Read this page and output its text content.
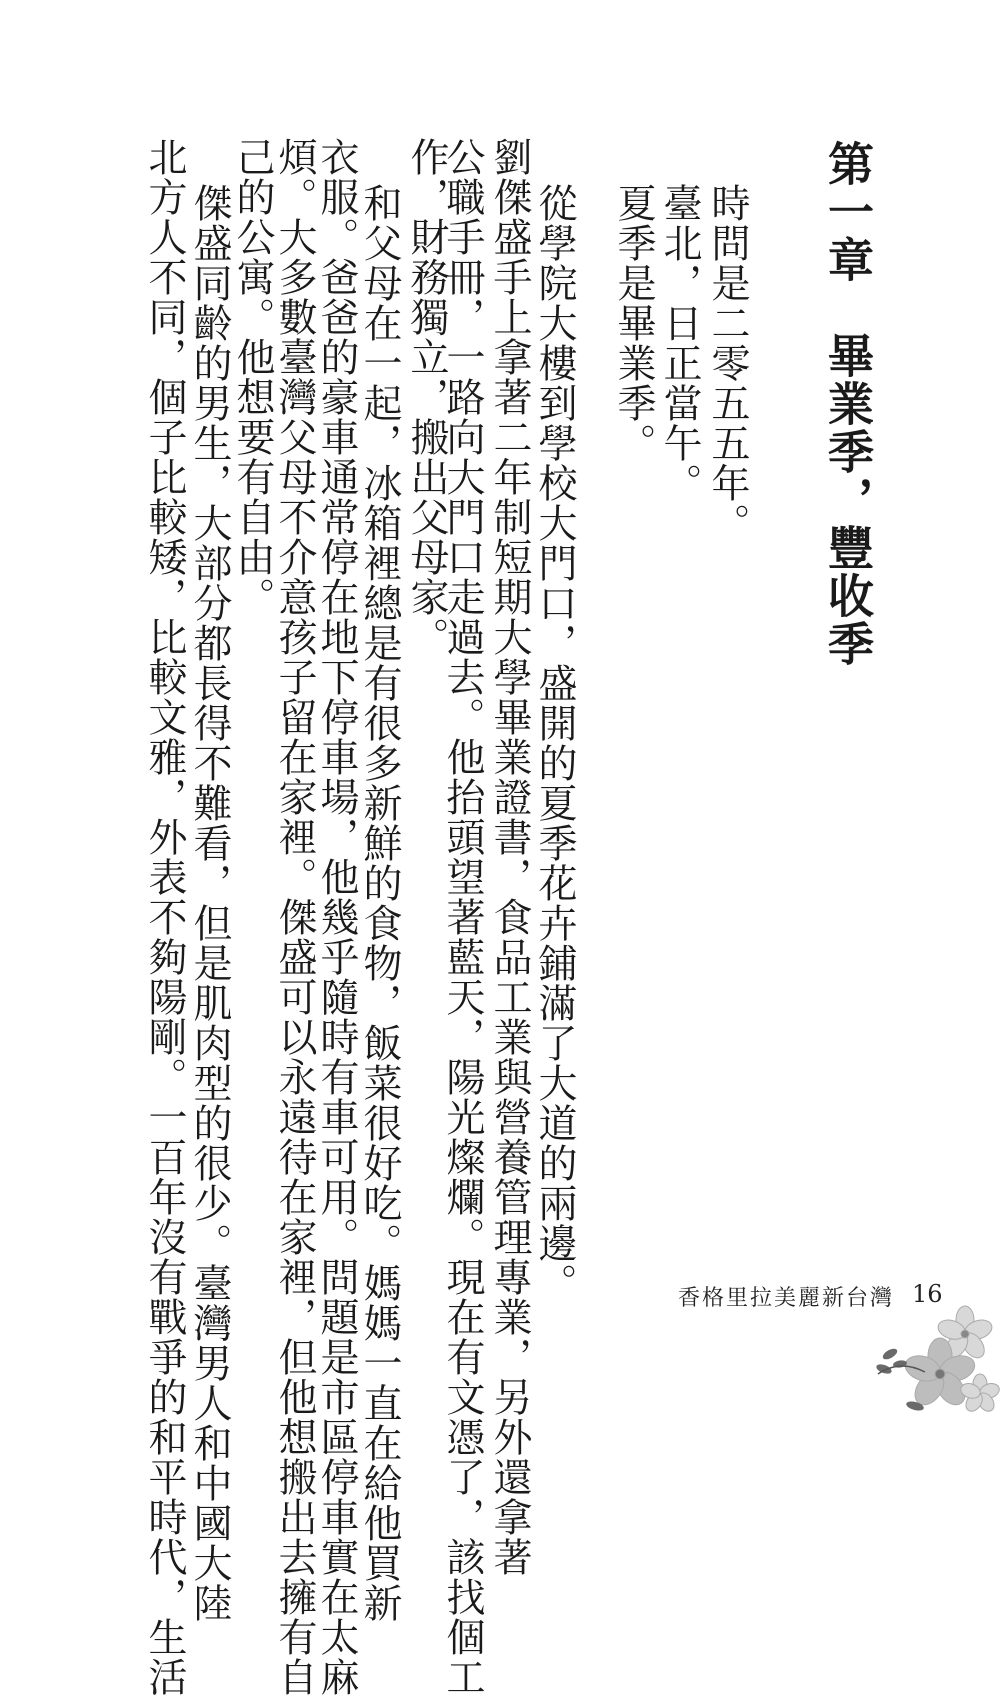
第一章　畢業季，豐收季
時問是二零五五年。
臺北，日正當午。
夏季是畢業季。
從學院大樓到學校大門口，盛開的夏季花卉鋪滿了大道的兩邊。
劉傑盛手上拿著二年制短期大學畢業證書，食品工業與營養管理專業，另外還拿著
公職手冊，一路向大門口走過去。他抬頭望著藍天，陽光燦爛。現在有文憑了，該找個工
作，財務獨立，搬出父母家。
和父母在一起，冰箱裡總是有很多新鮮的食物，飯菜很好吃。媽媽一直在給他買新
衣服。爸爸的豪車通常停在地下停車場，他幾乎隨時有車可用。問題是市區停車實在太麻
煩。大多數臺灣父母不介意孩子留在家裡。傑盛可以永遠待在家裡，但他想搬出去擁有自
己的公寓。他想要有自由。
傑盛同齡的男生，大部分都長得不難看，但是肌肉型的很少。臺灣男人和中國大陸
北方人不同，個子比較矮，比較文雅，外表不夠陽剛。一百年沒有戰爭的和平時代，生活	香格里拉美麗新台灣 16
